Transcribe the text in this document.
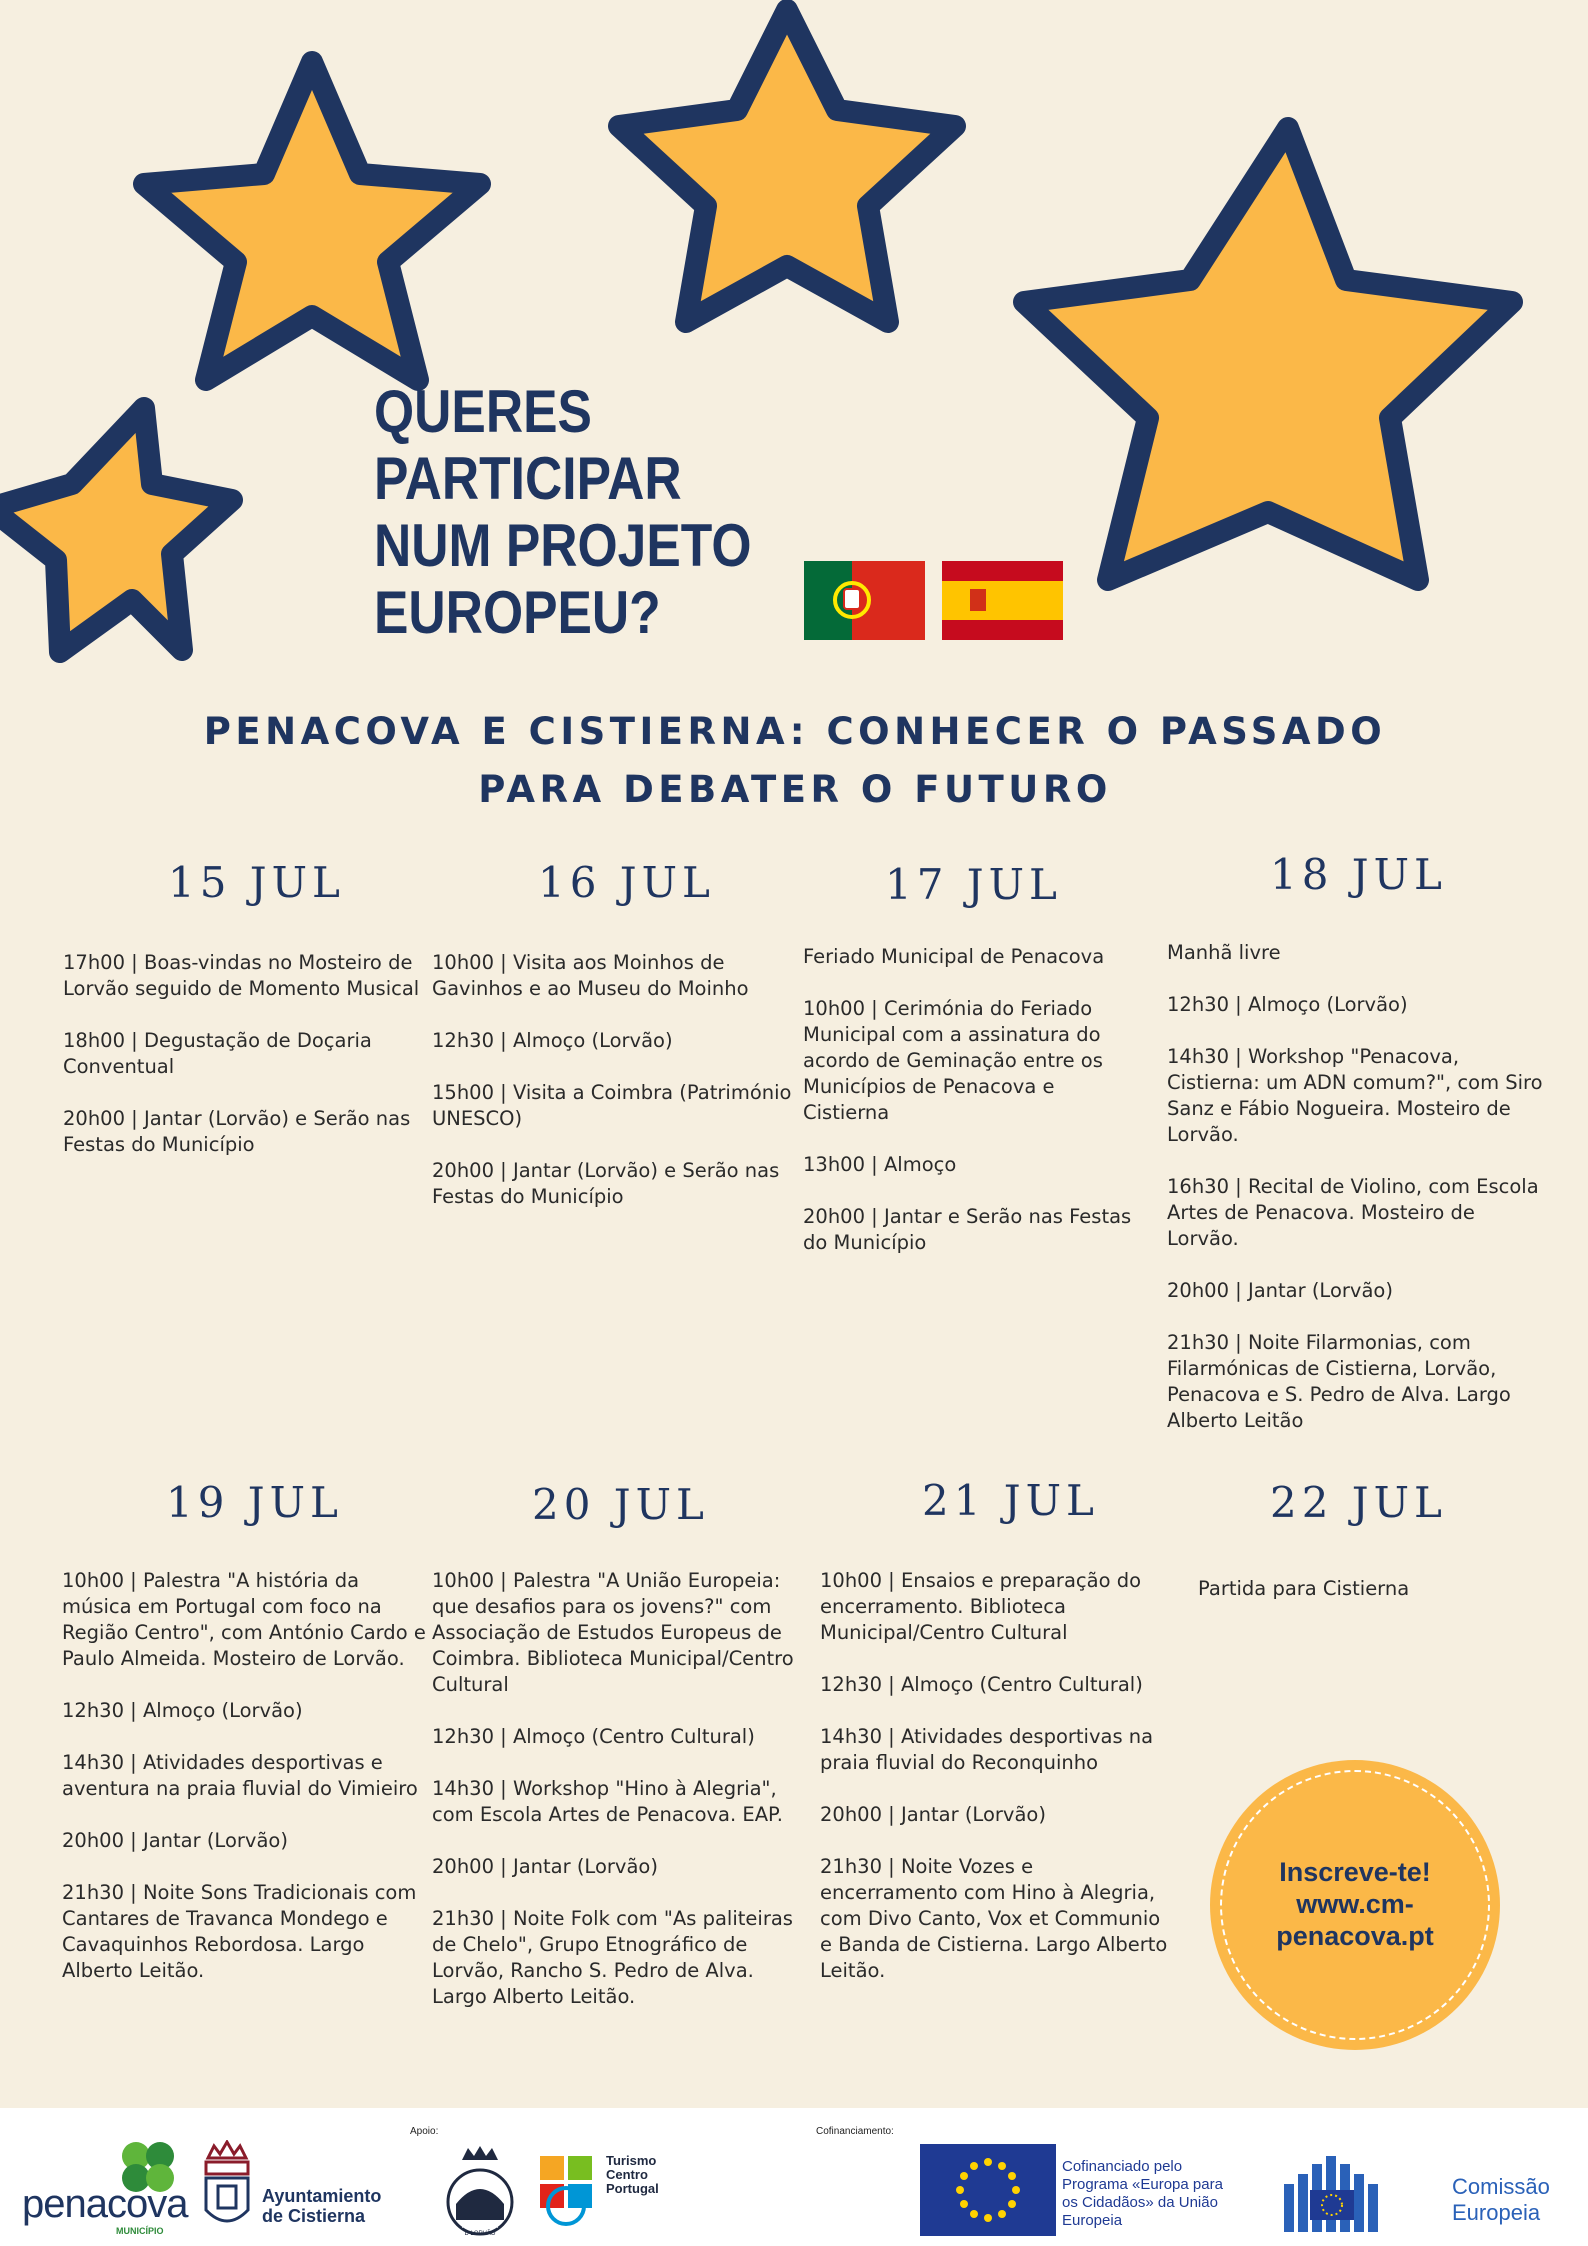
QUERES
PARTICIPAR
NUM PROJETO
EUROPEU?
PENACOVA E CISTIERNA: CONHECER O PASSADO
PARA DEBATER O FUTURO
15 JUL	16 JUL	17 JUL	18 JUL

17h00 | Boas-vindas no Mosteiro de Lorvão seguido de Momento Musical

18h00 | Degustação de Doçaria Conventual

20h00 | Jantar (Lorvão) e Serão nas Festas do Município

10h00 | Visita aos Moinhos de Gavinhos e ao Museu do Moinho

12h30 | Almoço (Lorvão)

15h00 | Visita a Coimbra (Património UNESCO)

20h00 | Jantar (Lorvão) e Serão nas Festas do Município

Feriado Municipal de Penacova

10h00 | Cerimónia do Feriado Municipal com a assinatura do acordo de Geminação entre os Municípios de Penacova e Cistierna

13h00 | Almoço

20h00 | Jantar e Serão nas Festas do Município

Manhã livre

12h30 | Almoço (Lorvão)

14h30 | Workshop "Penacova, Cistierna: um ADN comum?", com Siro Sanz e Fábio Nogueira. Mosteiro de Lorvão.

16h30 | Recital de Violino, com Escola Artes de Penacova. Mosteiro de Lorvão.

20h00 | Jantar (Lorvão)

21h30 | Noite Filarmonias, com Filarmónicas de Cistierna, Lorvão, Penacova e S. Pedro de Alva. Largo Alberto Leitão

19 JUL	20 JUL	21 JUL	22 JUL

10h00 | Palestra "A história da música em Portugal com foco na Região Centro", com António Cardo e Paulo Almeida. Mosteiro de Lorvão.

12h30 | Almoço (Lorvão)

14h30 | Atividades desportivas e aventura na praia fluvial do Vimieiro

20h00 | Jantar (Lorvão)

21h30 | Noite Sons Tradicionais com Cantares de Travanca Mondego e Cavaquinhos Rebordosa. Largo Alberto Leitão.

10h00 | Palestra "A União Europeia: que desafios para os jovens?" com Associação de Estudos Europeus de Coimbra. Biblioteca Municipal/Centro Cultural

12h30 | Almoço (Centro Cultural)

14h30 | Workshop "Hino à Alegria", com Escola Artes de Penacova. EAP.

20h00 | Jantar (Lorvão)

21h30 | Noite Folk com "As paliteiras de Chelo", Grupo Etnográfico de Lorvão, Rancho S. Pedro de Alva. Largo Alberto Leitão.

10h00 | Ensaios e preparação do encerramento. Biblioteca Municipal/Centro Cultural

12h30 | Almoço (Centro Cultural)

14h30 | Atividades desportivas na praia fluvial do Reconquinho

20h00 | Jantar (Lorvão)

21h30 | Noite Vozes e encerramento com Hino à Alegria, com Divo Canto, Vox et Communio e Banda de Cistierna. Largo Alberto Leitão.

Partida para Cistierna

Inscreve-te!
www.cm-
penacova.pt
penacova
MUNICÍPIO
Ayuntamiento
de Cistierna
Apoio:
PARÓQUIA
D LORVÃO
Turismo
Centro
Portugal
Cofinanciamento:
Cofinanciado pelo
Programa «Europa para
os Cidadãos» da União
Europeia
Comissão
Europeia
